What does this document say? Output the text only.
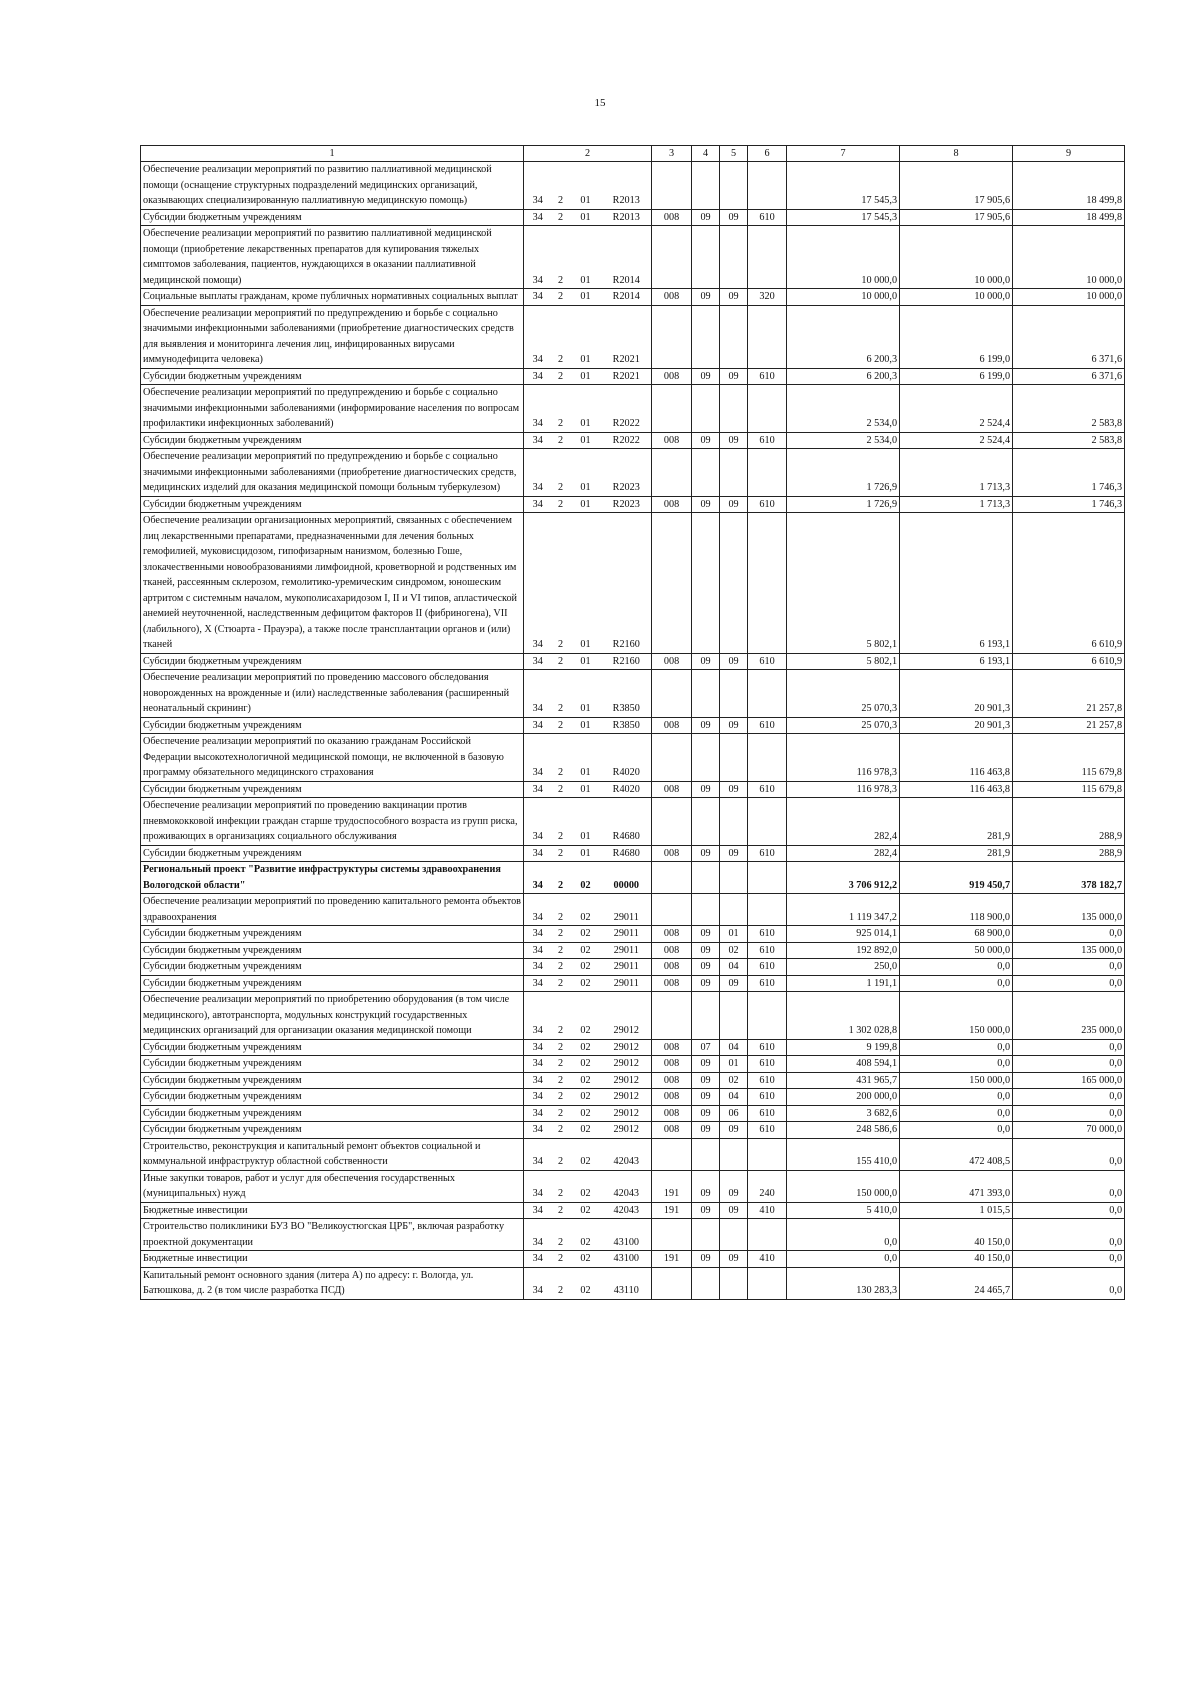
15
1	2				3	4	5	6	7	8	9
Обеспечение реализации мероприятий по развитию паллиативной медицинской помощи (оснащение структурных подразделений медицинских организаций, оказывающих специализированную паллиативную медицинскую помощь)	34	2	01	R2013					17 545,3	17 905,6	18 499,8
Субсидии бюджетным учреждениям	34	2	01	R2013	008	09	09	610	17 545,3	17 905,6	18 499,8
Обеспечение реализации мероприятий по развитию паллиативной медицинской помощи (приобретение лекарственных препаратов для купирования тяжелых симптомов заболевания, пациентов, нуждающихся в оказании паллиативной медицинской помощи)	34	2	01	R2014					10 000,0	10 000,0	10 000,0
Социальные выплаты гражданам, кроме публичных нормативных социальных выплат	34	2	01	R2014	008	09	09	320	10 000,0	10 000,0	10 000,0
Обеспечение реализации мероприятий по предупреждению и борьбе с социально значимыми инфекционными заболеваниями (приобретение диагностических средств для выявления и мониторинга лечения лиц, инфицированных вирусами иммунодефицита человека)	34	2	01	R2021					6 200,3	6 199,0	6 371,6
Субсидии бюджетным учреждениям	34	2	01	R2021	008	09	09	610	6 200,3	6 199,0	6 371,6
Обеспечение реализации мероприятий по предупреждению и борьбе с социально значимыми инфекционными заболеваниями (информирование населения по вопросам профилактики инфекционных заболеваний)	34	2	01	R2022					2 534,0	2 524,4	2 583,8
Субсидии бюджетным учреждениям	34	2	01	R2022	008	09	09	610	2 534,0	2 524,4	2 583,8
Обеспечение реализации мероприятий по предупреждению и борьбе с социально значимыми инфекционными заболеваниями (приобретение диагностических средств, медицинских изделий для оказания медицинской помощи больным туберкулезом)	34	2	01	R2023					1 726,9	1 713,3	1 746,3
Субсидии бюджетным учреждениям	34	2	01	R2023	008	09	09	610	1 726,9	1 713,3	1 746,3
Обеспечение реализации организационных мероприятий, связанных с обеспечением лиц лекарственными препаратами, предназначенными для лечения больных гемофилией, муковисцидозом, гипофизарным нанизмом, болезнью Гоше, злокачественными новообразованиями лимфоидной, кроветворной и родственных им тканей, рассеянным склерозом, гемолитико-уремическим синдромом, юношеским артритом с системным началом, мукополисахаридозом I, II и VI типов, апластической анемией неуточненной, наследственным дефицитом факторов II (фибриногена), VII (лабильного), X (Стюарта - Прауэра), а также после трансплантации органов и (или) тканей	34	2	01	R2160					5 802,1	6 193,1	6 610,9
Субсидии бюджетным учреждениям	34	2	01	R2160	008	09	09	610	5 802,1	6 193,1	6 610,9
Обеспечение реализации мероприятий по проведению массового обследования новорожденных на врожденные и (или) наследственные заболевания (расширенный неонатальный скрининг)	34	2	01	R3850					25 070,3	20 901,3	21 257,8
Субсидии бюджетным учреждениям	34	2	01	R3850	008	09	09	610	25 070,3	20 901,3	21 257,8
Обеспечение реализации мероприятий по оказанию гражданам Российской Федерации высокотехнологичной медицинской помощи, не включенной в базовую программу обязательного медицинского страхования	34	2	01	R4020					116 978,3	116 463,8	115 679,8
Субсидии бюджетным учреждениям	34	2	01	R4020	008	09	09	610	116 978,3	116 463,8	115 679,8
Обеспечение реализации мероприятий по проведению вакцинации против пневмококковой инфекции граждан старше трудоспособного возраста из групп риска, проживающих в организациях социального обслуживания	34	2	01	R4680					282,4	281,9	288,9
Субсидии бюджетным учреждениям	34	2	01	R4680	008	09	09	610	282,4	281,9	288,9
Региональный проект "Развитие инфраструктуры системы здравоохранения Вологодской области"	34	2	02	00000					3 706 912,2	919 450,7	378 182,7
Обеспечение реализации мероприятий по проведению капитального ремонта объектов здравоохранения	34	2	02	29011					1 119 347,2	118 900,0	135 000,0
Субсидии бюджетным учреждениям	34	2	02	29011	008	09	01	610	925 014,1	68 900,0	0,0
Субсидии бюджетным учреждениям	34	2	02	29011	008	09	02	610	192 892,0	50 000,0	135 000,0
Субсидии бюджетным учреждениям	34	2	02	29011	008	09	04	610	250,0	0,0	0,0
Субсидии бюджетным учреждениям	34	2	02	29011	008	09	09	610	1 191,1	0,0	0,0
Обеспечение реализации мероприятий по приобретению оборудования (в том числе медицинского), автотранспорта, модульных конструкций государственных медицинских организаций для организации оказания медицинской помощи	34	2	02	29012					1 302 028,8	150 000,0	235 000,0
Субсидии бюджетным учреждениям	34	2	02	29012	008	07	04	610	9 199,8	0,0	0,0
Субсидии бюджетным учреждениям	34	2	02	29012	008	09	01	610	408 594,1	0,0	0,0
Субсидии бюджетным учреждениям	34	2	02	29012	008	09	02	610	431 965,7	150 000,0	165 000,0
Субсидии бюджетным учреждениям	34	2	02	29012	008	09	04	610	200 000,0	0,0	0,0
Субсидии бюджетным учреждениям	34	2	02	29012	008	09	06	610	3 682,6	0,0	0,0
Субсидии бюджетным учреждениям	34	2	02	29012	008	09	09	610	248 586,6	0,0	70 000,0
Строительство, реконструкция и капитальный ремонт объектов социальной и коммунальной инфраструктур областной собственности	34	2	02	42043					155 410,0	472 408,5	0,0
Иные закупки товаров, работ и услуг для обеспечения государственных (муниципальных) нужд	34	2	02	42043	191	09	09	240	150 000,0	471 393,0	0,0
Бюджетные инвестиции	34	2	02	42043	191	09	09	410	5 410,0	1 015,5	0,0
Строительство поликлиники БУЗ ВО "Великоустюгская ЦРБ", включая разработку проектной документации	34	2	02	43100					0,0	40 150,0	0,0
Бюджетные инвестиции	34	2	02	43100	191	09	09	410	0,0	40 150,0	0,0
Капитальный ремонт основного здания (литера А) по адресу: г. Вологда, ул. Батюшкова, д. 2 (в том числе разработка ПСД)	34	2	02	43110					130 283,3	24 465,7	0,0
